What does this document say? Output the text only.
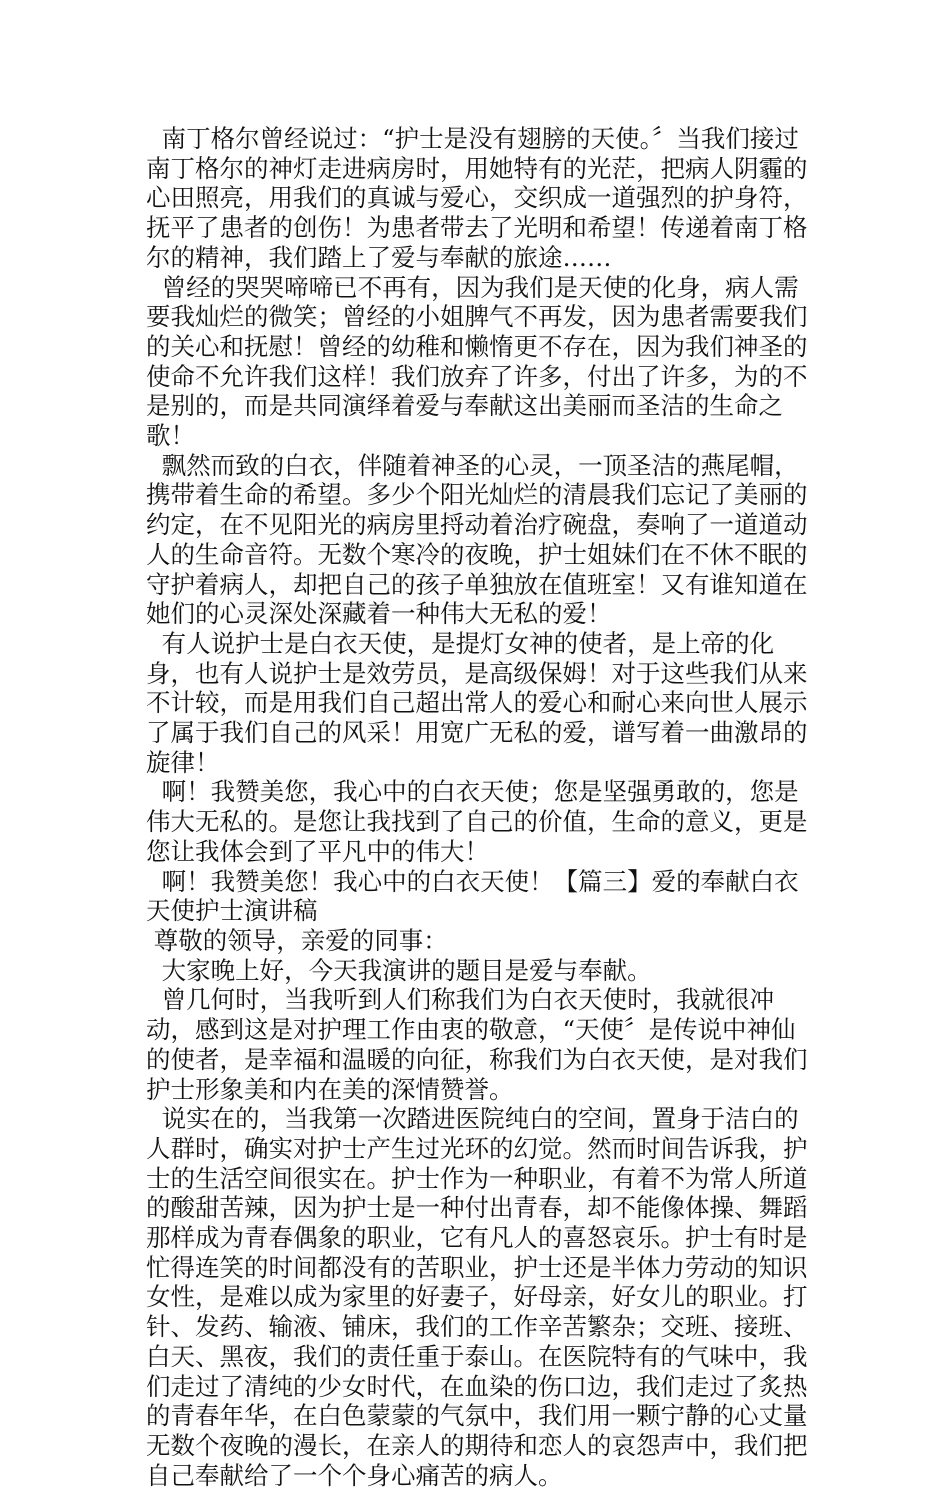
南丁格尔曾经说过：“护士是没有翅膀的天使。〞当我们接过南丁格尔的神灯走进病房时，用她特有的光茫，把病人阴霾的心田照亮，用我们的真诚与爱心，交织成一道强烈的护身符，抚平了患者的创伤！为患者带去了光明和希望！传递着南丁格尔的精神，我们踏上了爱与奉献的旅途……

曾经的哭哭啼啼已不再有，因为我们是天使的化身，病人需要我灿烂的微笑；曾经的小姐脾气不再发，因为患者需要我们的关心和抚慰！曾经的幼稚和懒惰更不存在，因为我们神圣的使命不允许我们这样！我们放弃了许多，付出了许多，为的不是别的，而是共同演绎着爱与奉献这出美丽而圣洁的生命之歌！

飘然而致的白衣，伴随着神圣的心灵，一顶圣洁的燕尾帽，携带着生命的希望。多少个阳光灿烂的清晨我们忘记了美丽的约定，在不见阳光的病房里捋动着治疗碗盘，奏响了一道道动人的生命音符。无数个寒冷的夜晚，护士姐妹们在不休不眠的守护着病人，却把自己的孩子单独放在值班室！又有谁知道在她们的心灵深处深藏着一种伟大无私的爱！

有人说护士是白衣天使，是提灯女神的使者，是上帝的化身，也有人说护士是效劳员，是高级保姆！对于这些我们从来不计较，而是用我们自己超出常人的爱心和耐心来向世人展示了属于我们自己的风采！用宽广无私的爱，谱写着一曲激昂的旋律！

啊！我赞美您，我心中的白衣天使；您是坚强勇敢的，您是伟大无私的。是您让我找到了自己的价值，生命的意义，更是您让我体会到了平凡中的伟大！

啊！我赞美您！我心中的白衣天使！【篇三】爱的奉献白衣天使护士演讲稿

尊敬的领导，亲爱的同事：

大家晚上好，今天我演讲的题目是爱与奉献。

曾几何时，当我听到人们称我们为白衣天使时，我就很冲动，感到这是对护理工作由衷的敬意，“天使〞是传说中神仙的使者，是幸福和温暖的向征，称我们为白衣天使，是对我们护士形象美和内在美的深情赞誉。

说实在的，当我第一次踏进医院纯白的空间，置身于洁白的人群时，确实对护士产生过光环的幻觉。然而时间告诉我，护士的生活空间很实在。护士作为一种职业，有着不为常人所道的酸甜苦辣，因为护士是一种付出青春，却不能像体操、舞蹈那样成为青春偶象的职业，它有凡人的喜怒哀乐。护士有时是忙得连笑的时间都没有的苦职业，护士还是半体力劳动的知识女性，是难以成为家里的好妻子，好母亲，好女儿的职业。打针、发药、输液、铺床，我们的工作辛苦繁杂；交班、接班、白天、黑夜，我们的责任重于泰山。在医院特有的气味中，我们走过了清纯的少女时代，在血染的伤口边，我们走过了炙热的青春年华，在白色蒙蒙的气氛中，我们用一颗宁静的心丈量无数个夜晚的漫长，在亲人的期待和恋人的哀怨声中，我们把自己奉献给了一个个身心痛苦的病人。
